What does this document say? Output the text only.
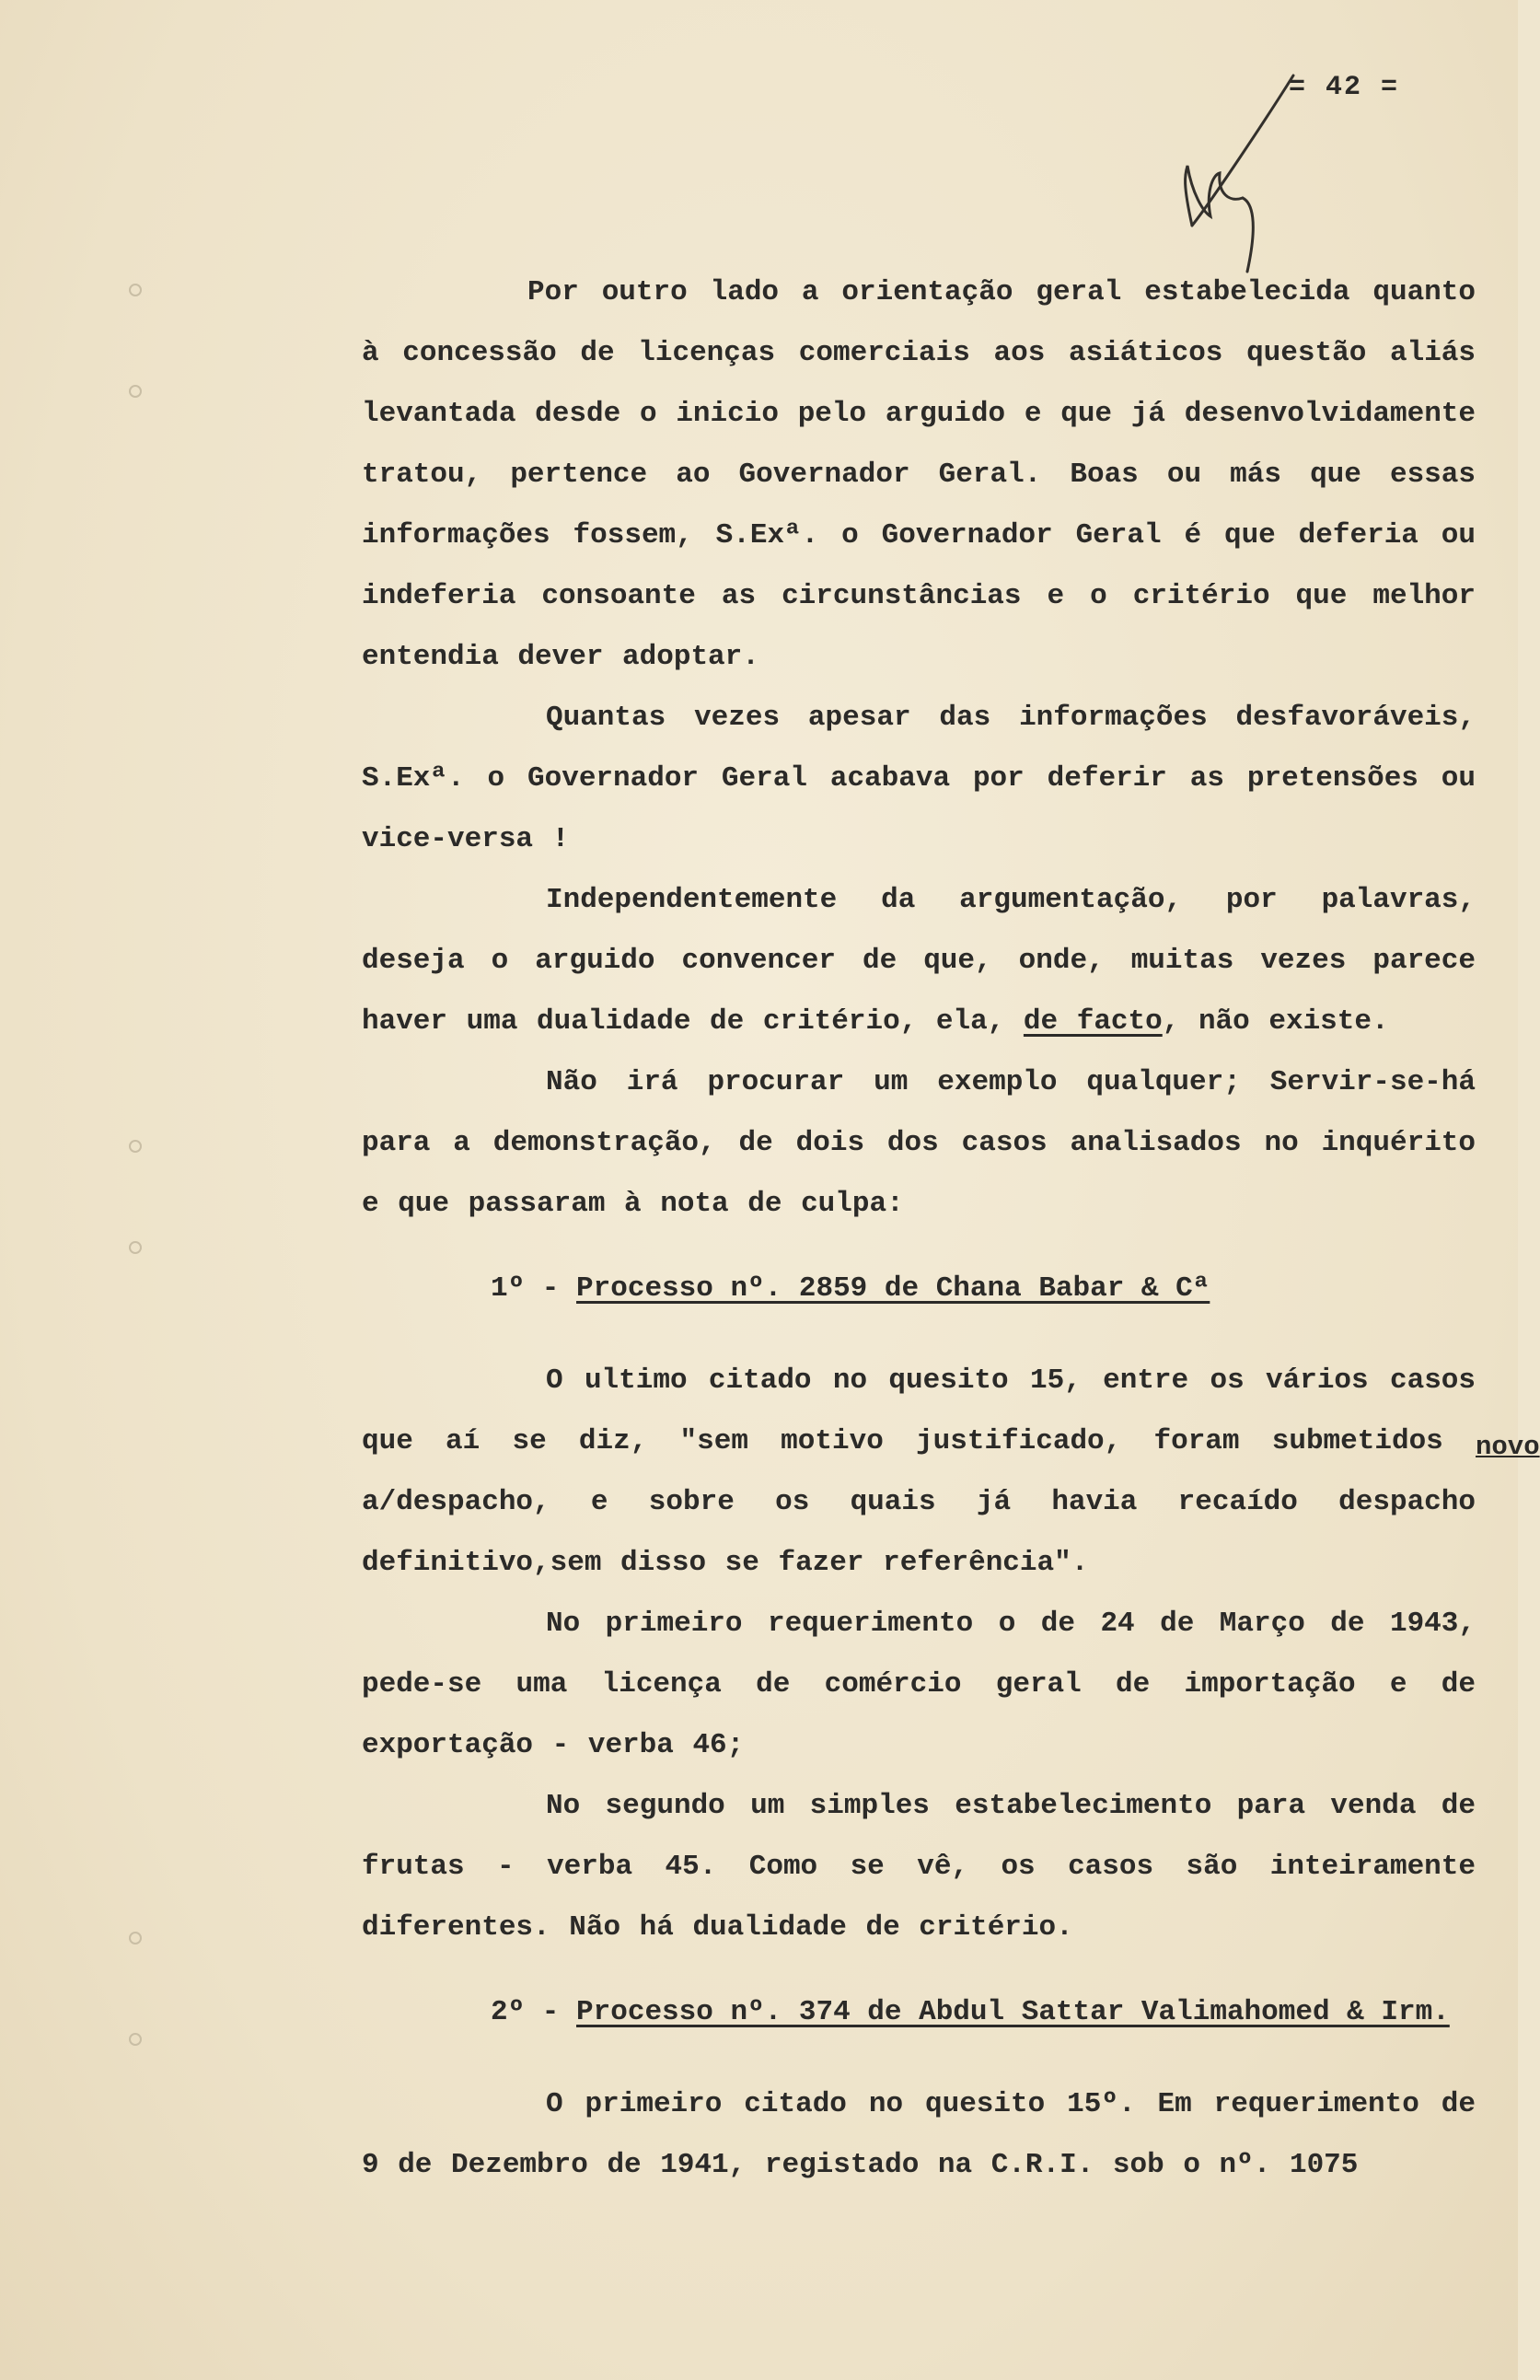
= 42 =

Por outro lado a orientação geral estabelecida quanto à concessão de licenças comerciais aos asiáticos questão aliás levantada desde o inicio pelo arguido e que já desenvolvidamente tratou, pertence ao Governador Geral. Boas ou más que essas informações fossem, S.Exª. o Governador Geral é que deferia ou indeferia consoante as circunstâncias e o critério que melhor entendia dever adoptar.

Quantas vezes apesar das informações desfavoráveis, S.Exª. o Governador Geral acabava por deferir as pretensões ou vice-versa !

Independentemente da argumentação, por palavras, deseja o arguido convencer de que, onde, muitas vezes parece haver uma dualidade de critério, ela, de facto, não existe.

Não irá procurar um exemplo qualquer; Servir-se-há para a demonstração, de dois dos casos analisados no inquérito e que passaram à nota de culpa:

1º - Processo nº. 2859 de Chana Babar & Cª

O ultimo citado no quesito 15, entre os vários casos que aí se diz, "sem motivo justificado, foram submetidos novo
a/despacho, e sobre os quais já havia recaído despacho definitivo,sem disso se fazer referência".

No primeiro requerimento o de 24 de Março de 1943, pede-se uma licença de comércio geral de importação e de exportação - verba 46;

No segundo um simples estabelecimento para venda de frutas - verba 45. Como se vê, os casos são inteiramente diferentes. Não há dualidade de critério.

2º - Processo nº. 374 de Abdul Sattar Valimahomed & Irm.

O primeiro citado no quesito 15º. Em requerimento de 9 de Dezembro de 1941, registado na C.R.I. sob o nº. 1075
